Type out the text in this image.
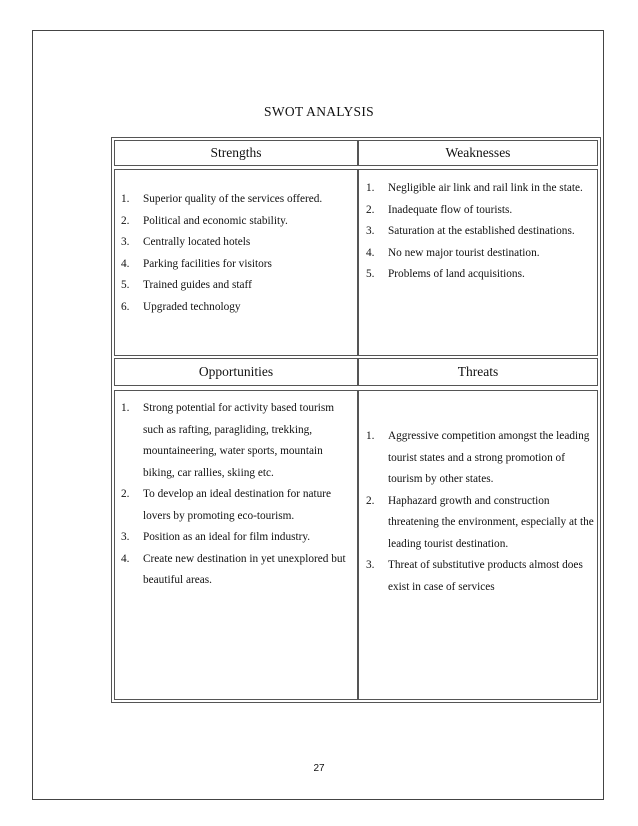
SWOT ANALYSIS
Strengths	Weaknesses
1. Superior quality of the services offered.
2. Political and economic stability.
3. Centrally located hotels
4. Parking facilities for visitors
5. Trained guides and staff
6. Upgraded technology
1. Negligible air link and rail link in the state.
2. Inadequate flow of tourists.
3. Saturation at the established destinations.
4. No new major tourist destination.
5. Problems of land acquisitions.
Opportunities	Threats
1. Strong potential for activity based tourism such as rafting, paragliding, trekking, mountaineering, water sports, mountain biking, car rallies, skiing etc.
2. To develop an ideal destination for nature lovers by promoting eco-tourism.
3. Position as an ideal for film industry.
4. Create new destination in yet unexplored but beautiful areas.
1. Aggressive competition amongst the leading tourist states and a strong promotion of tourism by other states.
2. Haphazard growth and construction threatening the environment, especially at the leading tourist destination.
3. Threat of substitutive products almost does exist in case of services
27
